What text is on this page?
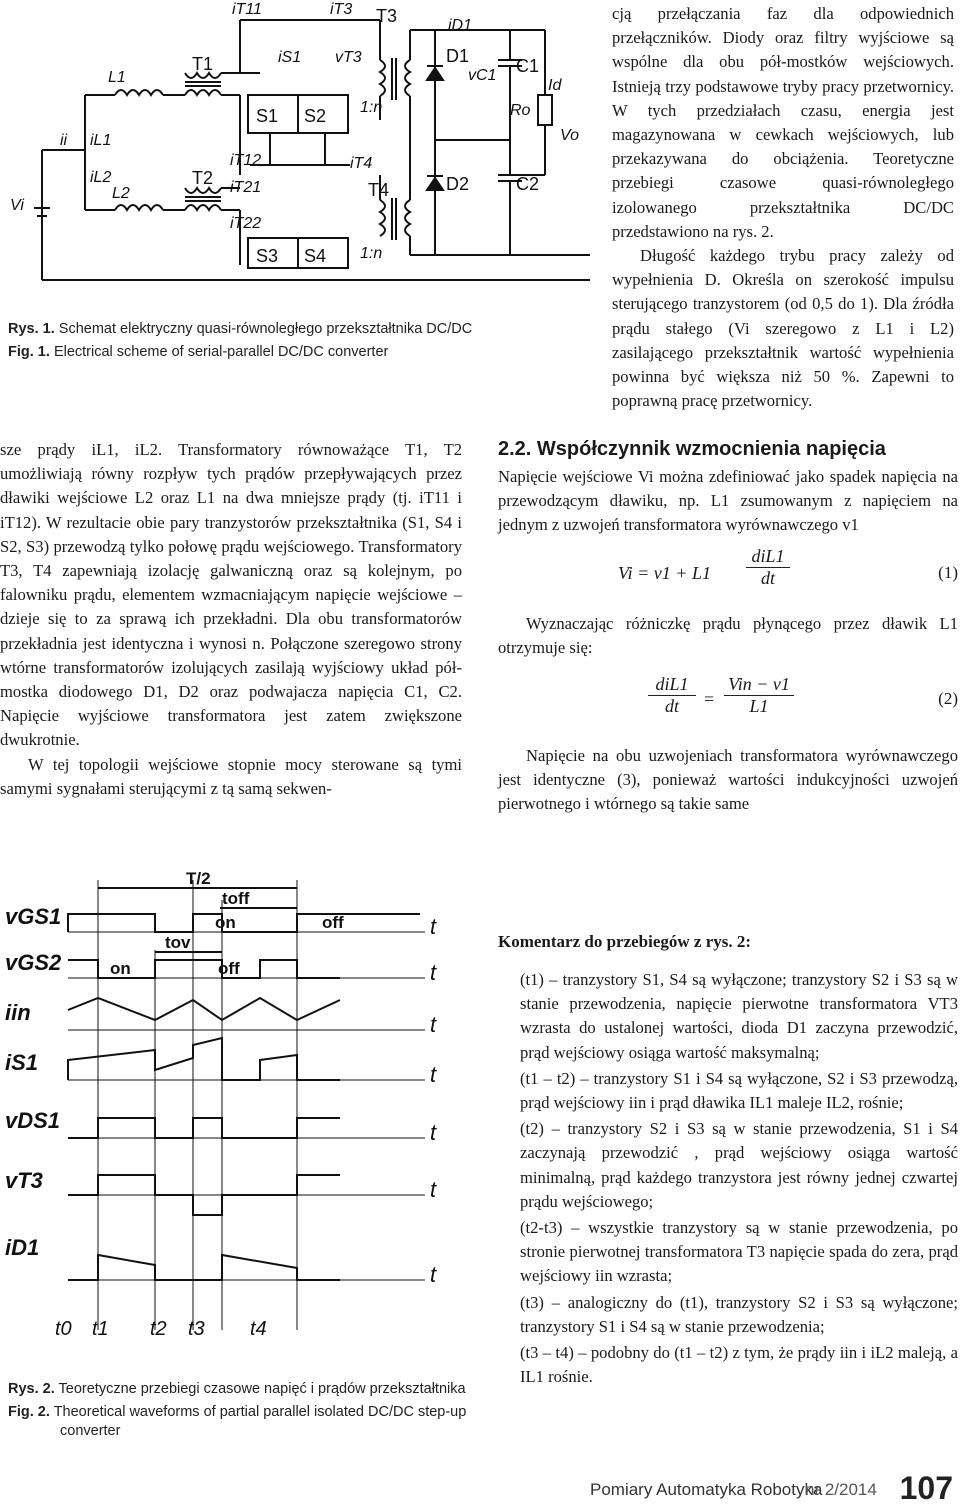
iT11	iT3
iD1
L1
iS1 vT3
vC1
Id
Ro
Vo
ii iL1
iL2
iT12	iT4
Vi
L2	iT21
iT22
1:n
1:n
T3
T1	D1	C1
S1 S2
T4
T2	D2	C2
S3 S4
Rys. 1. Schemat elektryczny quasi-równoległego przekształtnika DC/DC
Fig. 1. Electrical scheme of serial-parallel DC/DC converter

cją przełączania faz dla odpowiednich przełączników. Diody oraz filtry wyjściowe są wspólne dla obu pół-mostków wejściowych. Istnieją trzy podstawowe tryby pracy przetwornicy. W tych przedziałach czasu, energia jest magazynowana w cewkach wejściowych, lub przekazywana do obciążenia. Teoretyczne przebiegi czasowe quasi-równoległego izolowanego przekształtnika DC/DC przedstawiono na rys. 2.

Długość każdego trybu pracy zależy od wypełnienia D. Określa on szerokość impulsu sterującego tranzystorem (od 0,5 do 1). Dla źródła prądu stałego (Vi szeregowo z L1 i L2) zasilającego przekształtnik wartość wypełnienia powinna być większa niż 50 %. Zapewni to poprawną pracę przetwornicy.

sze prądy iL1, iL2. Transformatory równoważące T1, T2 umożliwiają równy rozpływ tych prądów przepływających przez dławiki wejściowe L2 oraz L1 na dwa mniejsze prądy (tj. iT11 i iT12). W rezultacie obie pary tranzystorów przekształtnika (S1, S4 i S2, S3) przewodzą tylko połowę prądu wejściowego. Transformatory T3, T4 zapewniają izolację galwaniczną oraz są kolejnym, po falowniku prądu, elementem wzmacniającym napięcie wejściowe – dzieje się to za sprawą ich przekładni. Dla obu transformatorów przekładnia jest identyczna i wynosi n. Połączone szeregowo strony wtórne transformatorów izolujących zasilają wyjściowy układ pół-mostka diodowego D1, D2 oraz podwajacza napięcia C1, C2. Napięcie wyjściowe transformatora jest zatem zwiększone dwukrotnie.

W tej topologii wejściowe stopnie mocy sterowane są tymi samymi sygnałami sterującymi z tą samą sekwen-

2.2. Współczynnik wzmocnienia napięcia
Napięcie wejściowe Vi można zdefiniować jako spadek napięcia na przewodzącym dławiku, np. L1 zsumowanym z napięciem na jednym z uzwojeń transformatora wyrównawczego v1
Vi = v1 + L1
diL1
dt	(1)
Wyznaczając różniczkę prądu płynącego przez dławik L1 otrzymuje się:
diL1
dt	=
Vin − v1
L1	(2)
Napięcie na obu uzwojeniach transformatora wyrównawczego jest identyczne (3), ponieważ wartości indukcyjności uzwojeń pierwotnego i wtórnego są takie same
vGS1
vGS2
iin
iS1
vDS1
vT3
iD1
t
t
t
t
t
t
t
T/2
toff
tov
on	off
on	off
t0 t1 t2 t3 t4
Rys. 2. Teoretyczne przebiegi czasowe napięć i prądów przekształtnika
Fig. 2. Theoretical waveforms of partial parallel isolated DC/DC step-up converter
Komentarz do przebiegów z rys. 2:
(t1) – tranzystory S1, S4 są wyłączone; tranzystory S2 i S3 są w stanie przewodzenia, napięcie pierwotne transformatora VT3 wzrasta do ustalonej wartości, dioda D1 zaczyna przewodzić, prąd wejściowy osiąga wartość maksymalną;
(t1 – t2) – tranzystory S1 i S4 są wyłączone, S2 i S3 przewodzą, prąd wejściowy iin i prąd dławika IL1 maleje IL2, rośnie;
(t2) – tranzystory S2 i S3 są w stanie przewodzenia, S1 i S4 zaczynają przewodzić , prąd wejściowy osiąga wartość minimalną, prąd każdego tranzystora jest równy jednej czwartej prądu wejściowego;
(t2-t3) – wszystkie tranzystory są w stanie przewodzenia, po stronie pierwotnej transformatora T3 napięcie spada do zera, prąd wejściowy iin wzrasta;
(t3) – analogiczny do (t1), tranzystory S2 i S3 są wyłączone; tranzystory S1 i S4 są w stanie przewodzenia;
(t3 – t4) – podobny do (t1 – t2) z tym, że prądy iin i iL2 maleją, a IL1 rośnie.
Pomiary Automatyka Robotyka
nr 2/2014 107
